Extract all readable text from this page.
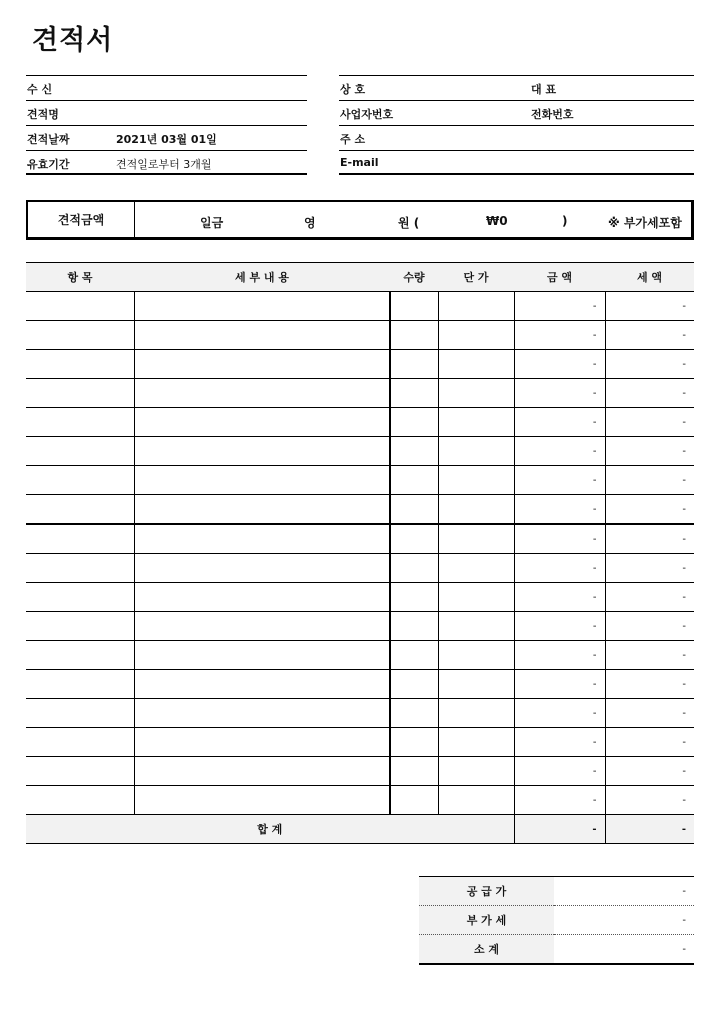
견적서
수 신
견적명
견적날짜	2021년 03월 01일
유효기간	견적일로부터 3개월
상 호	대 표
사업자번호	전화번호
주 소
E-mail
견적금액	일금	영	원 (	₩0	)	※ 부가세포함
항 목	세 부 내 용	수량	단 가	금 액	세 액
				-	-
				-	-
				-	-
				-	-
				-	-
				-	-
				-	-
				-	-
				-	-
				-	-
				-	-
				-	-
				-	-
				-	-
				-	-
				-	-
				-	-
				-	-
합 계				-	-
공 급 가	-
부 가 세	-
소 계	-
